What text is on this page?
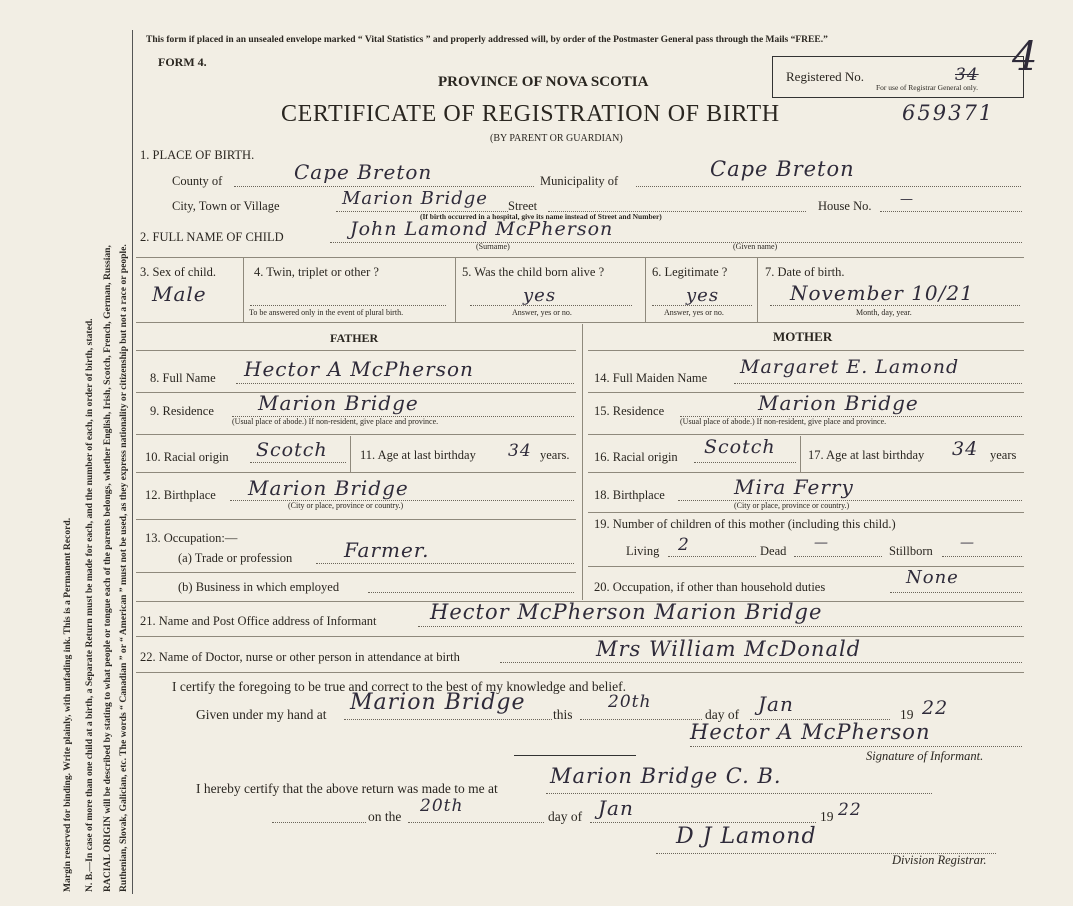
Margin reserved for binding. Write plainly, with unfading ink. This is a Permanent Record. N. B.—In case of more than one child at a birth, a Separate Return must be made for each, and the number of each, in order of birth, stated. RACIAL ORIGIN will be described by stating to what people or tongue each of the parents belongs, whether English, Irish, Scotch, French, German, Russian, Ruthenian, Slovak, Galician, etc. The words “ Canadian ” or “ American ” must not be used, as they express nationality or citizenship but not a race or people.
This form if placed in an unsealed envelope marked “ Vital Statistics ” and properly addressed will, by order of the Postmaster General pass through the Mails “FREE.”
FORM 4.
PROVINCE OF NOVA SCOTIA
CERTIFICATE OF REGISTRATION OF BIRTH
(BY PARENT OR GUARDIAN)
Registered No.	34
For use of Registrar General only.
4
659371
1. PLACE OF BIRTH.
County of	Cape Breton	Municipality of	Cape Breton
City, Town or Village	Marion Bridge Street
(If birth occurred in a hospital, give its name instead of Street and Number)
House No. —
2. FULL NAME OF CHILD	John Lamond McPherson
(Surname)	(Given name)
3. Sex of child.
Male
4. Twin, triplet or other ?
To be answered only in the event of plural birth.
5. Was the child born alive ?
yes
Answer, yes or no.
6. Legitimate ?
yes
Answer, yes or no.
7. Date of birth.
November 10/21
Month, day, year.
FATHER	MOTHER
8. Full Name Hector A McPherson
9. Residence Marion Bridge
(Usual place of abode.) If non-resident, give place and province.
10. Racial origin Scotch	11. Age at last birthday 34 years.
12. Birthplace Marion Bridge
(City or place, province or country.)
13. Occupation:—
(a) Trade or profession	Farmer.
(b) Business in which employed
14. Full Maiden Name Margaret E. Lamond
15. Residence	Marion Bridge
(Usual place of abode.) If non-resident, give place and province.
16. Racial origin Scotch	17. Age at last birthday 34 years
18. Birthplace	Mira Ferry
(City or place, province or country.)
19. Number of children of this mother (including this child.)
Living 2	Dead —	Stillborn —
20. Occupation, if other than household duties	None
21. Name and Post Office address of Informant	Hector McPherson Marion Bridge
22. Name of Doctor, nurse or other person in attendance at birth	Mrs William McDonald
I certify the foregoing to be true and correct to the best of my knowledge and belief.
Given under my hand at Marion Bridge this
20th
day of Jan	19 22
Hector A McPherson
Signature of Informant.
I hereby certify that the above return was made to me at
Marion Bridge C. B.
on the
20th
day of Jan	19 22
D J Lamond
Division Registrar.
